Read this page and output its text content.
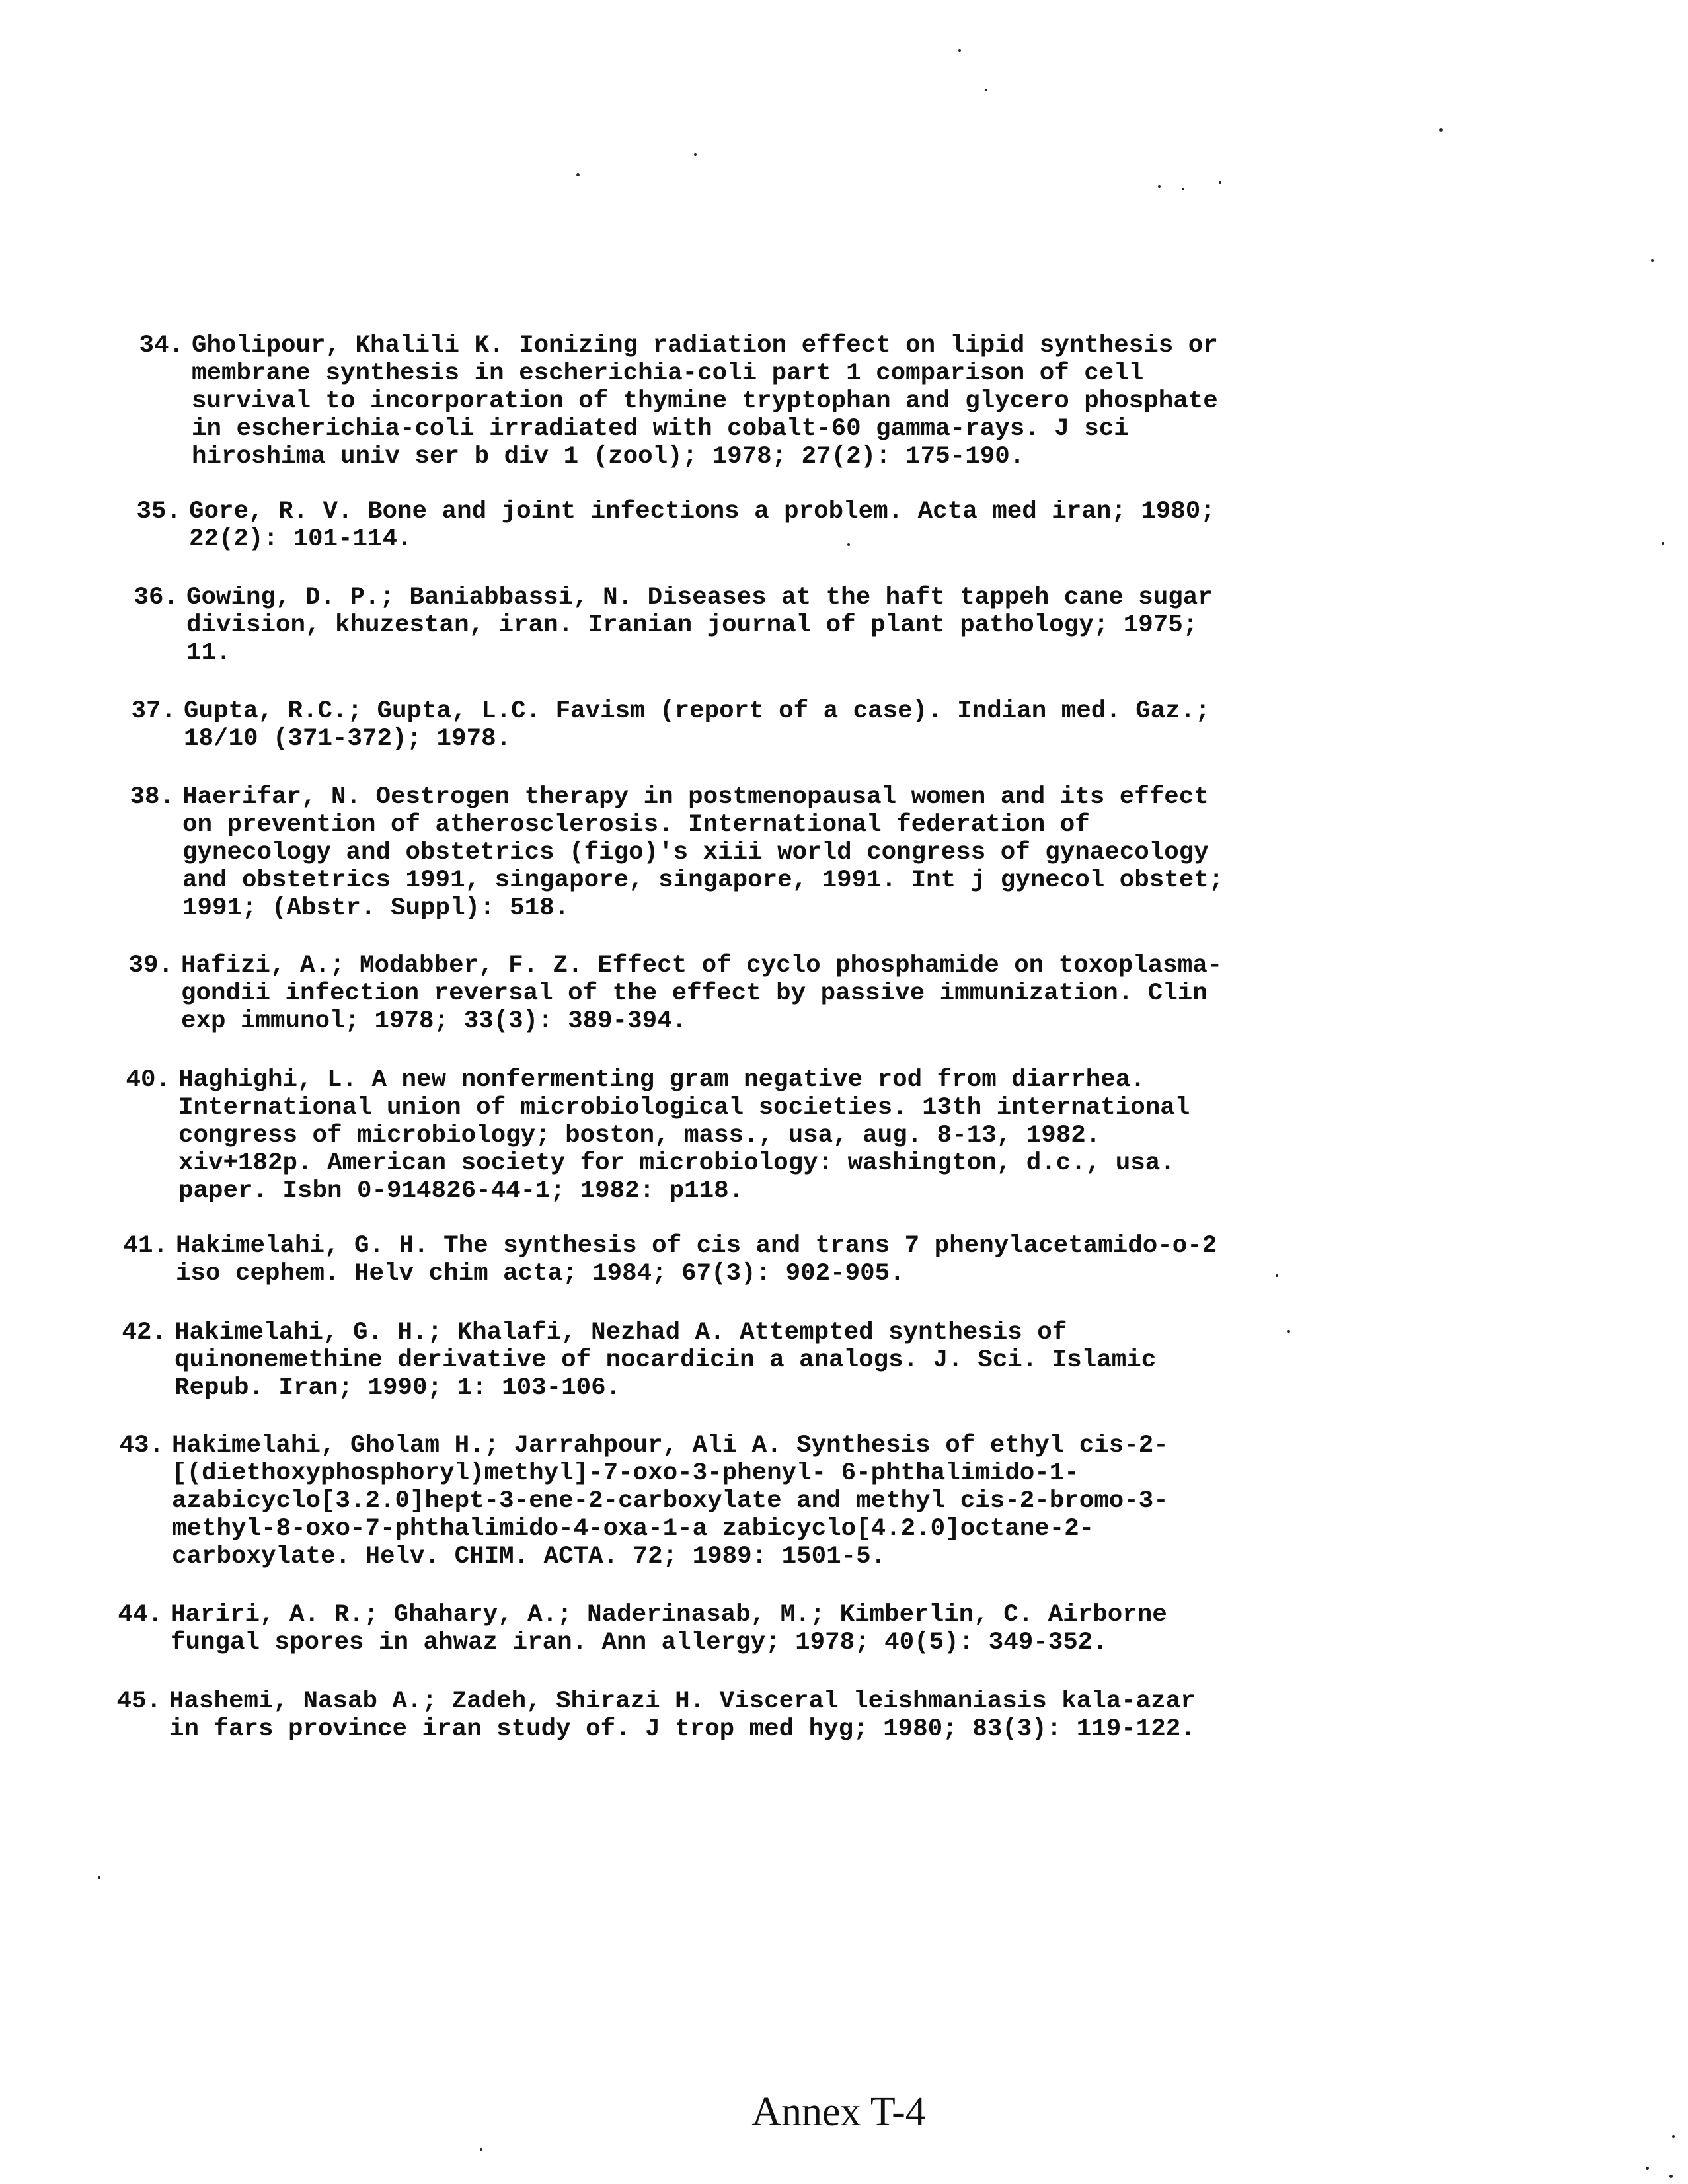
34. Gholipour, Khalili K. Ionizing radiation effect on lipid synthesis or
membrane synthesis in escherichia-coli part 1 comparison of cell
survival to incorporation of thymine tryptophan and glycero phosphate
in escherichia-coli irradiated with cobalt-60 gamma-rays. J sci
hiroshima univ ser b div 1 (zool); 1978; 27(2): 175-190.
35. Gore, R. V. Bone and joint infections a problem. Acta med iran; 1980;
22(2): 101-114.
36. Gowing, D. P.; Baniabbassi, N. Diseases at the haft tappeh cane sugar
division, khuzestan, iran. Iranian journal of plant pathology; 1975;
11.
37. Gupta, R.C.; Gupta, L.C. Favism (report of a case). Indian med. Gaz.;
18/10 (371-372); 1978.
38. Haerifar, N. Oestrogen therapy in postmenopausal women and its effect
on prevention of atherosclerosis. International federation of
gynecology and obstetrics (figo)'s xiii world congress of gynaecology
and obstetrics 1991, singapore, singapore, 1991. Int j gynecol obstet;
1991; (Abstr. Suppl): 518.
39. Hafizi, A.; Modabber, F. Z. Effect of cyclo phosphamide on toxoplasma-
gondii infection reversal of the effect by passive immunization. Clin
exp immunol; 1978; 33(3): 389-394.
40. Haghighi, L. A new nonfermenting gram negative rod from diarrhea.
International union of microbiological societies. 13th international
congress of microbiology; boston, mass., usa, aug. 8-13, 1982.
xiv+182p. American society for microbiology: washington, d.c., usa.
paper. Isbn 0-914826-44-1; 1982: p118.
41. Hakimelahi, G. H. The synthesis of cis and trans 7 phenylacetamido-o-2
iso cephem. Helv chim acta; 1984; 67(3): 902-905.
42. Hakimelahi, G. H.; Khalafi, Nezhad A. Attempted synthesis of
quinonemethine derivative of nocardicin a analogs. J. Sci. Islamic
Repub. Iran; 1990; 1: 103-106.
43. Hakimelahi, Gholam H.; Jarrahpour, Ali A. Synthesis of ethyl cis-2-
[(diethoxyphosphoryl)methyl]-7-oxo-3-phenyl- 6-phthalimido-1-
azabicyclo[3.2.0]hept-3-ene-2-carboxylate and methyl cis-2-bromo-3-
methyl-8-oxo-7-phthalimido-4-oxa-1-a zabicyclo[4.2.0]octane-2-
carboxylate. Helv. CHIM. ACTA. 72; 1989: 1501-5.
44. Hariri, A. R.; Ghahary, A.; Naderinasab, M.; Kimberlin, C. Airborne
fungal spores in ahwaz iran. Ann allergy; 1978; 40(5): 349-352.
45. Hashemi, Nasab A.; Zadeh, Shirazi H. Visceral leishmaniasis kala-azar
in fars province iran study of. J trop med hyg; 1980; 83(3): 119-122.
Annex T-4
